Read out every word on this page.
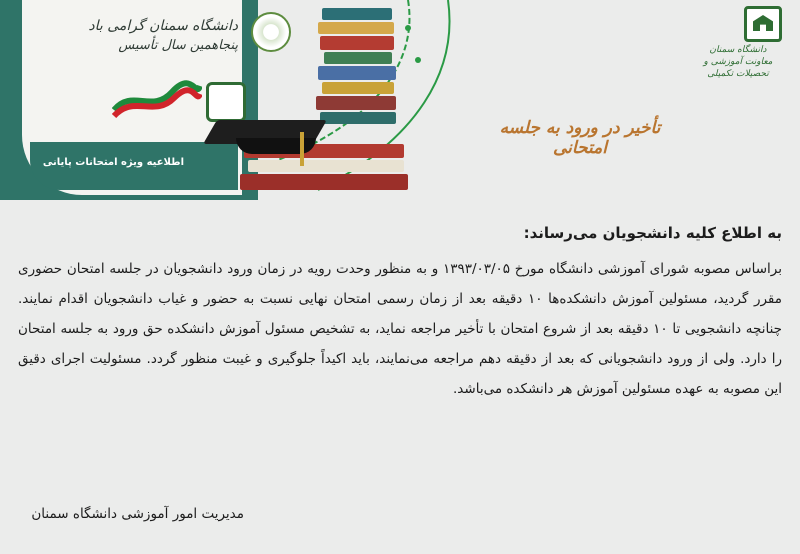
دانشگاه سمنان گرامی باد
پنجاهمین سال تأسیس
اطلاعیه ویژه امتحانات پایانی
دانشگاه سمنان
معاونت آموزشی و تحصیلات تکمیلی
تأخیر در ورود به جلسه امتحانی

به اطلاع کلیه دانشجویان می‌رساند:

براساس مصوبه شورای آموزشی دانشگاه مورخ ۱۳۹۳/۰۳/۰۵ و به منظور وحدت رویه در زمان ورود دانشجویان در جلسه امتحان حضوری مقرر گردید، مسئولین آموزش دانشکده‌ها ۱۰ دقیقه بعد از زمان رسمی امتحان نهایی نسبت به حضور و غیاب دانشجویان اقدام نمایند. چنانچه دانشجویی تا ۱۰ دقیقه بعد از شروع امتحان با تأخیر مراجعه نماید، به تشخیص مسئول آموزش دانشکده حق ورود به جلسه امتحان را دارد. ولی از ورود دانشجویانی که بعد از دقیقه دهم مراجعه می‌نمایند، باید اکیداً جلوگیری و غیبت منظور گردد. مسئولیت اجرای دقیق این مصوبه به عهده مسئولین آموزش هر دانشکده می‌باشد.

مدیریت امور آموزشی دانشگاه سمنان
